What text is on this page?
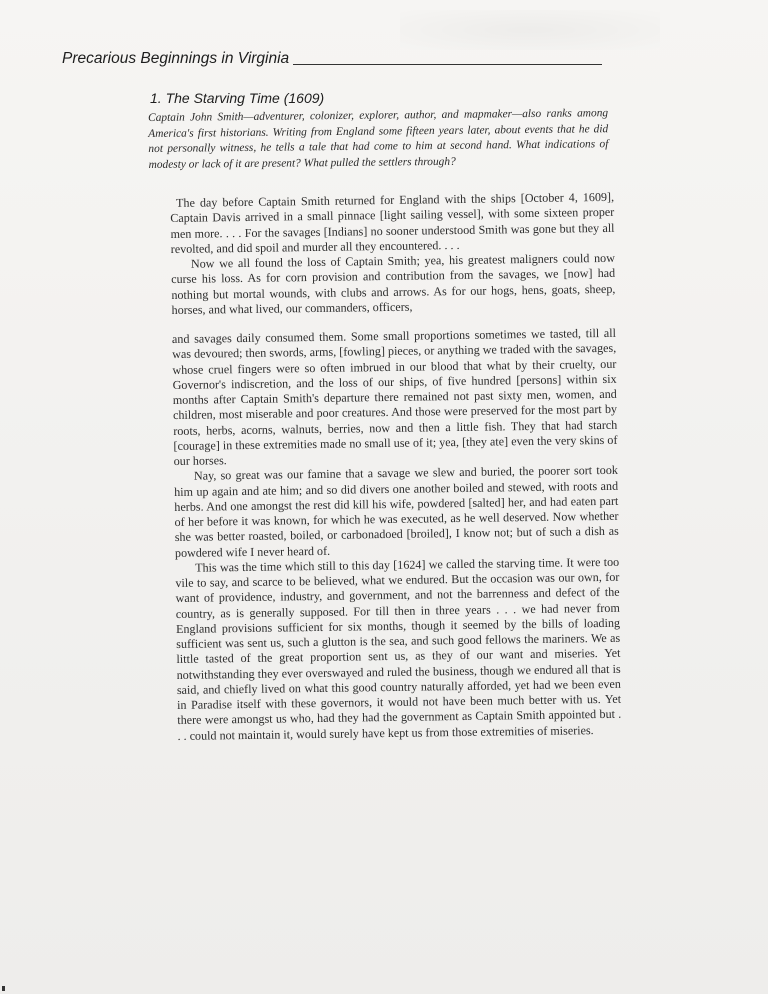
Precarious Beginnings in Virginia
1. The Starving Time (1609)
Captain John Smith—adventurer, colonizer, explorer, author, and mapmaker—also ranks among America's first historians. Writing from England some fifteen years later, about events that he did not personally witness, he tells a tale that had come to him at second hand. What indications of modesty or lack of it are present? What pulled the settlers through?

The day before Captain Smith returned for England with the ships [October 4, 1609], Captain Davis arrived in a small pinnace [light sailing vessel], with some sixteen proper men more. . . . For the savages [Indians] no sooner understood Smith was gone but they all revolted, and did spoil and murder all they encountered. . . .

Now we all found the loss of Captain Smith; yea, his greatest maligners could now curse his loss. As for corn provision and contribution from the savages, we [now] had nothing but mortal wounds, with clubs and arrows. As for our hogs, hens, goats, sheep, horses, and what lived, our commanders, officers,

and savages daily consumed them. Some small proportions sometimes we tasted, till all was devoured; then swords, arms, [fowling] pieces, or anything we traded with the savages, whose cruel fingers were so often imbrued in our blood that what by their cruelty, our Governor's indiscretion, and the loss of our ships, of five hundred [persons] within six months after Captain Smith's departure there remained not past sixty men, women, and children, most miserable and poor creatures. And those were preserved for the most part by roots, herbs, acorns, walnuts, berries, now and then a little fish. They that had starch [courage] in these extremities made no small use of it; yea, [they ate] even the very skins of our horses.

Nay, so great was our famine that a savage we slew and buried, the poorer sort took him up again and ate him; and so did divers one another boiled and stewed, with roots and herbs. And one amongst the rest did kill his wife, powdered [salted] her, and had eaten part of her before it was known, for which he was executed, as he well deserved. Now whether she was better roasted, boiled, or carbonadoed [broiled], I know not; but of such a dish as powdered wife I never heard of.

This was the time which still to this day [1624] we called the starving time. It were too vile to say, and scarce to be believed, what we endured. But the occasion was our own, for want of providence, industry, and government, and not the barrenness and defect of the country, as is generally supposed. For till then in three years . . . we had never from England provisions sufficient for six months, though it seemed by the bills of loading sufficient was sent us, such a glutton is the sea, and such good fellows the mariners. We as little tasted of the great proportion sent us, as they of our want and miseries. Yet notwithstanding they ever overswayed and ruled the business, though we endured all that is said, and chiefly lived on what this good country naturally afforded, yet had we been even in Paradise itself with these governors, it would not have been much better with us. Yet there were amongst us who, had they had the government as Captain Smith appointed but . . . could not maintain it, would surely have kept us from those extremities of miseries.
